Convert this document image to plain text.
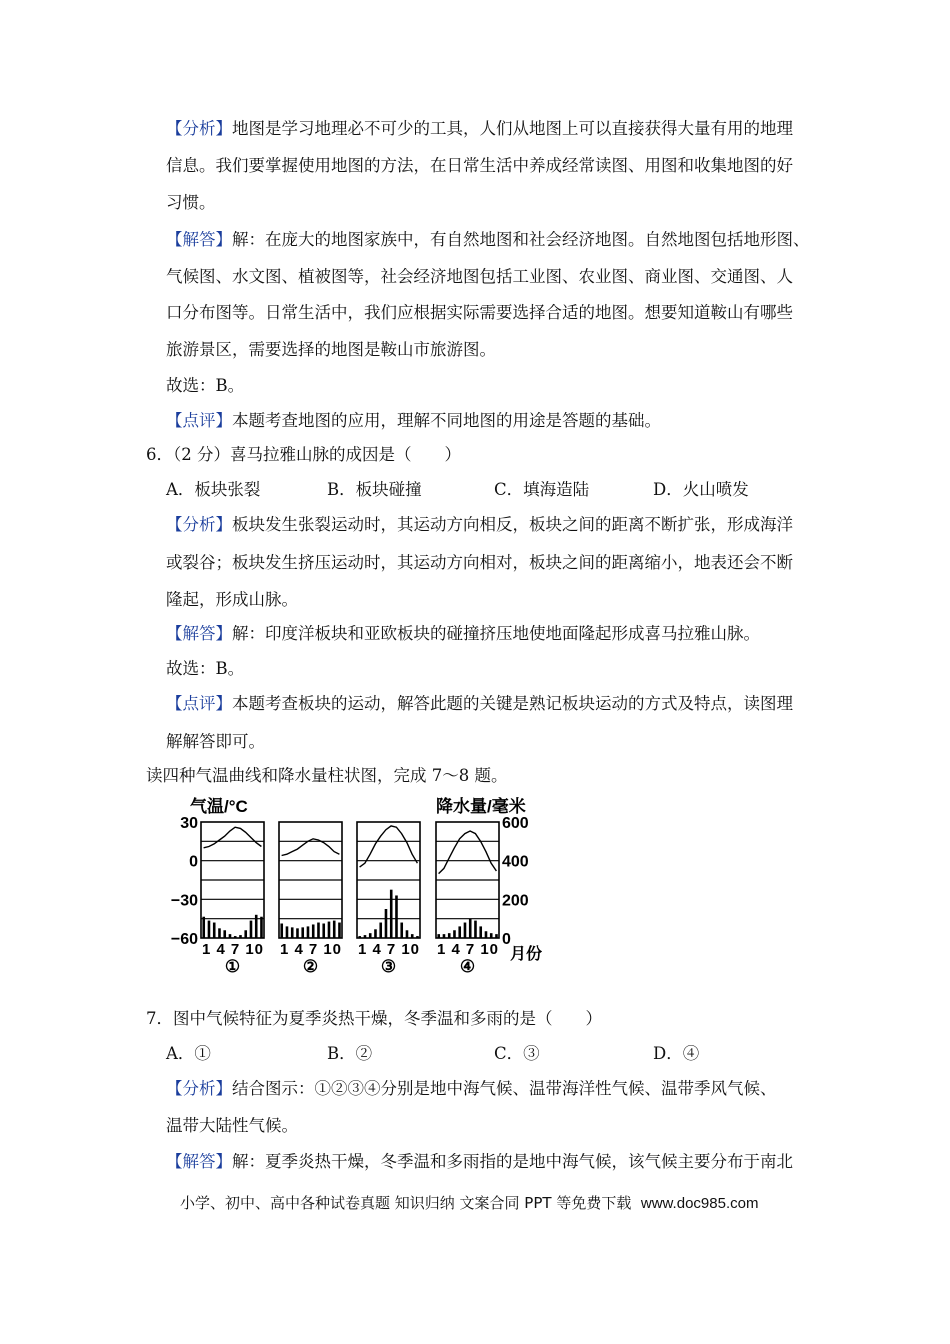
【分析】地图是学习地理必不可少的工具，人们从地图上可以直接获得大量有用的地理
信息。我们要掌握使用地图的方法，在日常生活中养成经常读图、用图和收集地图的好
习惯。
【解答】解：在庞大的地图家族中，有自然地图和社会经济地图。自然地图包括地形图、
气候图、水文图、植被图等，社会经济地图包括工业图、农业图、商业图、交通图、人
口分布图等。日常生活中，我们应根据实际需要选择合适的地图。想要知道鞍山有哪些
旅游景区，需要选择的地图是鞍山市旅游图。
故选：B。
【点评】本题考查地图的应用，理解不同地图的用途是答题的基础。
6．（2 分）喜马拉雅山脉的成因是（　　）
A．板块张裂	B．板块碰撞	C．填海造陆	D．火山喷发
【分析】板块发生张裂运动时，其运动方向相反，板块之间的距离不断扩张，形成海洋
或裂谷；板块发生挤压运动时，其运动方向相对，板块之间的距离缩小，地表还会不断
隆起，形成山脉。
【解答】解：印度洋板块和亚欧板块的碰撞挤压地使地面隆起形成喜马拉雅山脉。
故选：B。
【点评】本题考查板块的运动，解答此题的关键是熟记板块运动的方式及特点，读图理
解解答即可。
读四种气温曲线和降水量柱状图，完成 7～8 题。
气温/°C	降水量/毫米
月份
30
0
−30
−60
600
400
200
0
1 4 7 10
①
1 4 7 10
②
1 4 7 10
③
1 4 7 10
④
7．图中气候特征为夏季炎热干燥，冬季温和多雨的是（　　）
A．①	B．②	C．③	D．④
【分析】结合图示：①②③④分别是地中海气候、温带海洋性气候、温带季风气候、
温带大陆性气候。
【解答】解：夏季炎热干燥，冬季温和多雨指的是地中海气候，该气候主要分布于南北
小学、初中、高中各种试卷真题 知识归纳 文案合同 PPT 等免费下载 www.doc985.com
